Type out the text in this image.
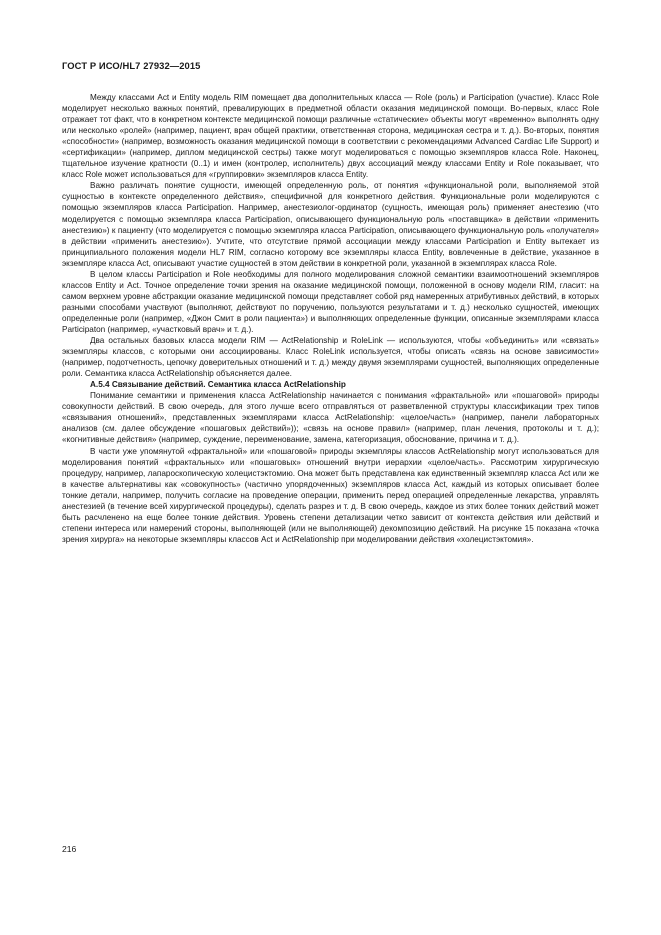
ГОСТ Р ИСО/HL7 27932—2015

Между классами Act и Entity модель RIM помещает два дополнительных класса — Role (роль) и Participation (участие). Класс Role моделирует несколько важных понятий, превалирующих в предметной области оказания медицинской помощи. Во-первых, класс Role отражает тот факт, что в конкретном контексте медицинской помощи различные «статические» объекты могут «временно» выполнять одну или несколько «ролей» (например, пациент, врач общей практики, ответственная сторона, медицинская сестра и т. д.). Во-вторых, понятия «способности» (например, возможность оказания медицинской помощи в соответствии с рекомендациями Advanced Cardiac Life Support) и «сертификации» (например, диплом медицинской сестры) также могут моделироваться с помощью экземпляров класса Role. Наконец, тщательное изучение кратности (0..1) и имен (контролер, исполнитель) двух ассоциаций между классами Entity и Role показывает, что класс Role может использоваться для «группировки» экземпляров класса Entity.

Важно различать понятие сущности, имеющей определенную роль, от понятия «функциональной роли, выполняемой этой сущностью в контексте определенного действия», специфичной для конкретного действия. Функциональные роли моделируются с помощью экземпляров класса Participation. Например, анестезиолог-ординатор (сущность, имеющая роль) применяет анестезию (что моделируется с помощью экземпляра класса Participation, описывающего функциональную роль «поставщика» в действии «применить анестезию») к пациенту (что моделируется с помощью экземпляра класса Participation, описывающего функциональную роль «получателя» в действии «применить анестезию»). Учтите, что отсутствие прямой ассоциации между классами Participation и Entity вытекает из принципиального положения модели HL7 RIM, согласно которому все экземпляры класса Entity, вовлеченные в действие, указанное в экземпляре класса Act, описывают участие сущностей в этом действии в конкретной роли, указанной в экземплярах класса Role.

В целом классы Participation и Role необходимы для полного моделирования сложной семантики взаимоотношений экземпляров классов Entity и Act. Точное определение точки зрения на оказание медицинской помощи, положенной в основу модели RIM, гласит: на самом верхнем уровне абстракции оказание медицинской помощи представляет собой ряд намеренных атрибутивных действий, в которых разными способами участвуют (выполняют, действуют по поручению, пользуются результатами и т. д.) несколько сущностей, имеющих определенные роли (например, «Джон Смит в роли пациента») и выполняющих определенные функции, описанные экземплярами класса Participaton (например, «участковый врач» и т. д.).

Два остальных базовых класса модели RIM — ActRelationship и RoleLink — используются, чтобы «объединить» или «связать» экземпляры классов, с которыми они ассоциированы. Класс RoleLink используется, чтобы описать «связь на основе зависимости» (например, подотчетность, цепочку доверительных отношений и т. д.) между двумя экземплярами сущностей, выполняющих определенные роли. Семантика класса ActRelationship объясняется далее.

А.5.4 Связывание действий. Семантика класса ActRelationship

Понимание семантики и применения класса ActRelationship начинается с понимания «фрактальной» или «пошаговой» природы совокупности действий. В свою очередь, для этого лучше всего отправляться от разветвленной структуры классификации трех типов «связывания отношений», представленных экземплярами класса ActRelationship: «целое/часть» (например, панели лабораторных анализов (см. далее обсуждение «пошаговых действий»)); «связь на основе правил» (например, план лечения, протоколы и т. д.); «когнитивные действия» (например, суждение, переименование, замена, категоризация, обоснование, причина и т. д.).

В части уже упомянутой «фрактальной» или «пошаговой» природы экземпляры классов ActRelationship могут использоваться для моделирования понятий «фрактальных» или «пошаговых» отношений внутри иерархии «целое/часть». Рассмотрим хирургическую процедуру, например, лапароскопическую холецистэктомию. Она может быть представлена как единственный экземпляр класса Act или же в качестве альтернативы как «совокупность» (частично упорядоченных) экземпляров класса Act, каждый из которых описывает более тонкие детали, например, получить согласие на проведение операции, применить перед операцией определенные лекарства, управлять анестезией (в течение всей хирургической процедуры), сделать разрез и т. д. В свою очередь, каждое из этих более тонких действий может быть расчленено на еще более тонкие действия. Уровень степени детализации четко зависит от контекста действия или действий и степени интереса или намерений стороны, выполняющей (или не выполняющей) декомпозицию действий. На рисунке 15 показана «точка зрения хирурга» на некоторые экземпляры классов Act и ActRelationship при моделировании действия «холецистэктомия».

216
